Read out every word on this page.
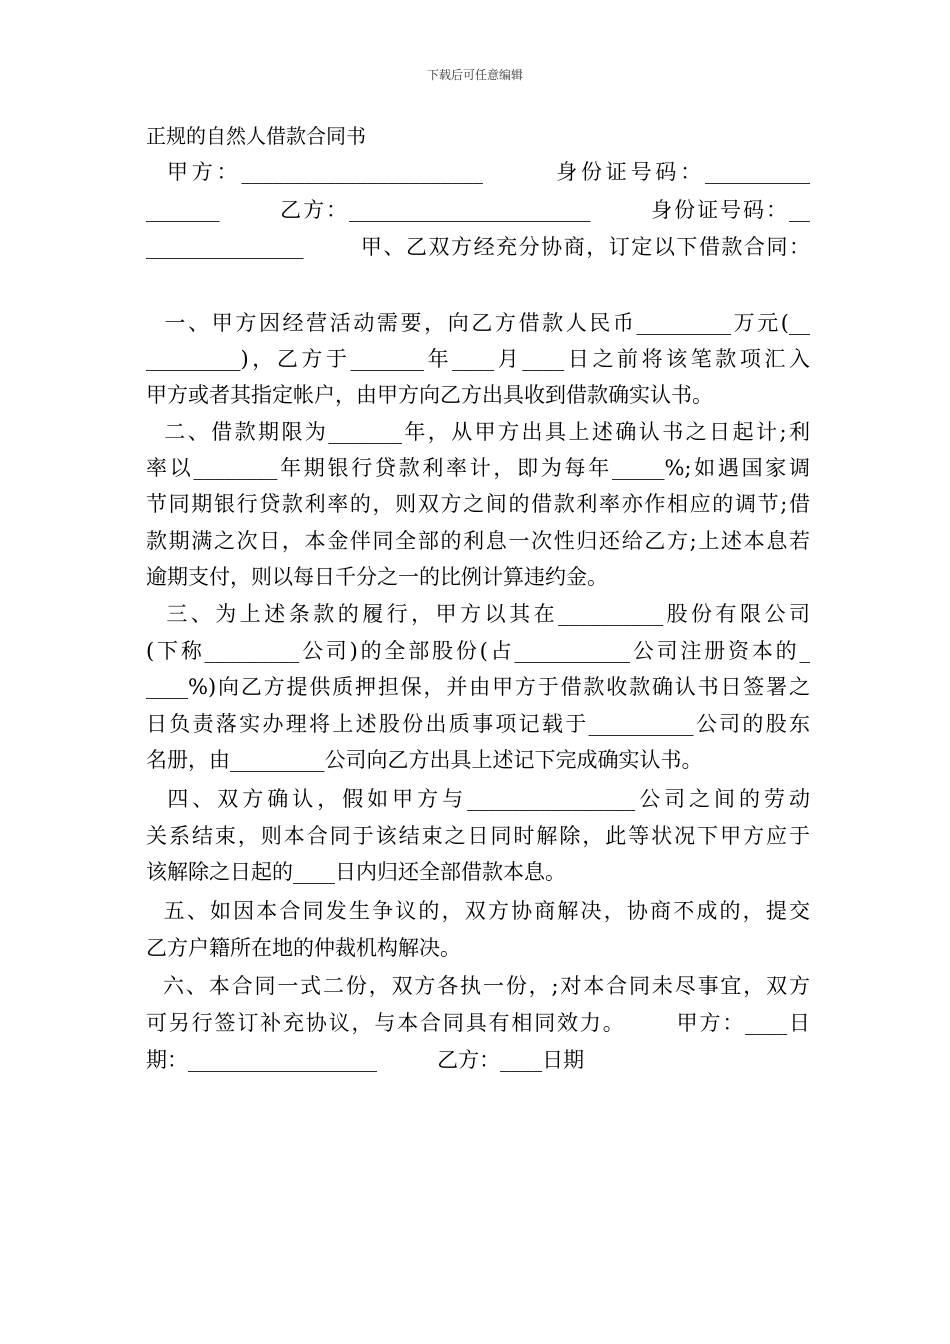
下载后可任意编辑
正规的自然人借款合同书
甲方：_______________________       身份证号码：__________
_______       乙方：_______________________       身份证号码：__
_______________       甲、乙双方经充分协商，订定以下借款合同：
一、甲方因经营活动需要，向乙方借款人民币_________万元(__
_________)，乙方于_______年____月____日之前将该笔款项汇入
甲方或者其指定帐户，由甲方向乙方出具收到借款确实认书。
二、借款期限为_______年，从甲方出具上述确认书之日起计;利
率以________年期银行贷款利率计，即为每年_____%;如遇国家调
节同期银行贷款利率的，则双方之间的借款利率亦作相应的调节;借
款期满之次日，本金伴同全部的利息一次性归还给乙方;上述本息若
逾期支付，则以每日千分之一的比例计算违约金。
三、为上述条款的履行，甲方以其在__________股份有限公司
(下称_________公司)的全部股份(占___________公司注册资本的_
____%)向乙方提供质押担保，并由甲方于借款收款确认书日签署之
日负责落实办理将上述股份出质事项记载于__________公司的股东
名册，由_________公司向乙方出具上述记下完成确实认书。
四、双方确认，假如甲方与________________公司之间的劳动
关系结束，则本合同于该结束之日同时解除，此等状况下甲方应于
该解除之日起的____日内归还全部借款本息。
五、如因本合同发生争议的，双方协商解决，协商不成的，提交
乙方户籍所在地的仲裁机构解决。
六、本合同一式二份，双方各执一份，;对本合同未尽事宜，双方
可另行签订补充协议，与本合同具有相同效力。      甲方：____日
期：__________________         乙方：____日期
